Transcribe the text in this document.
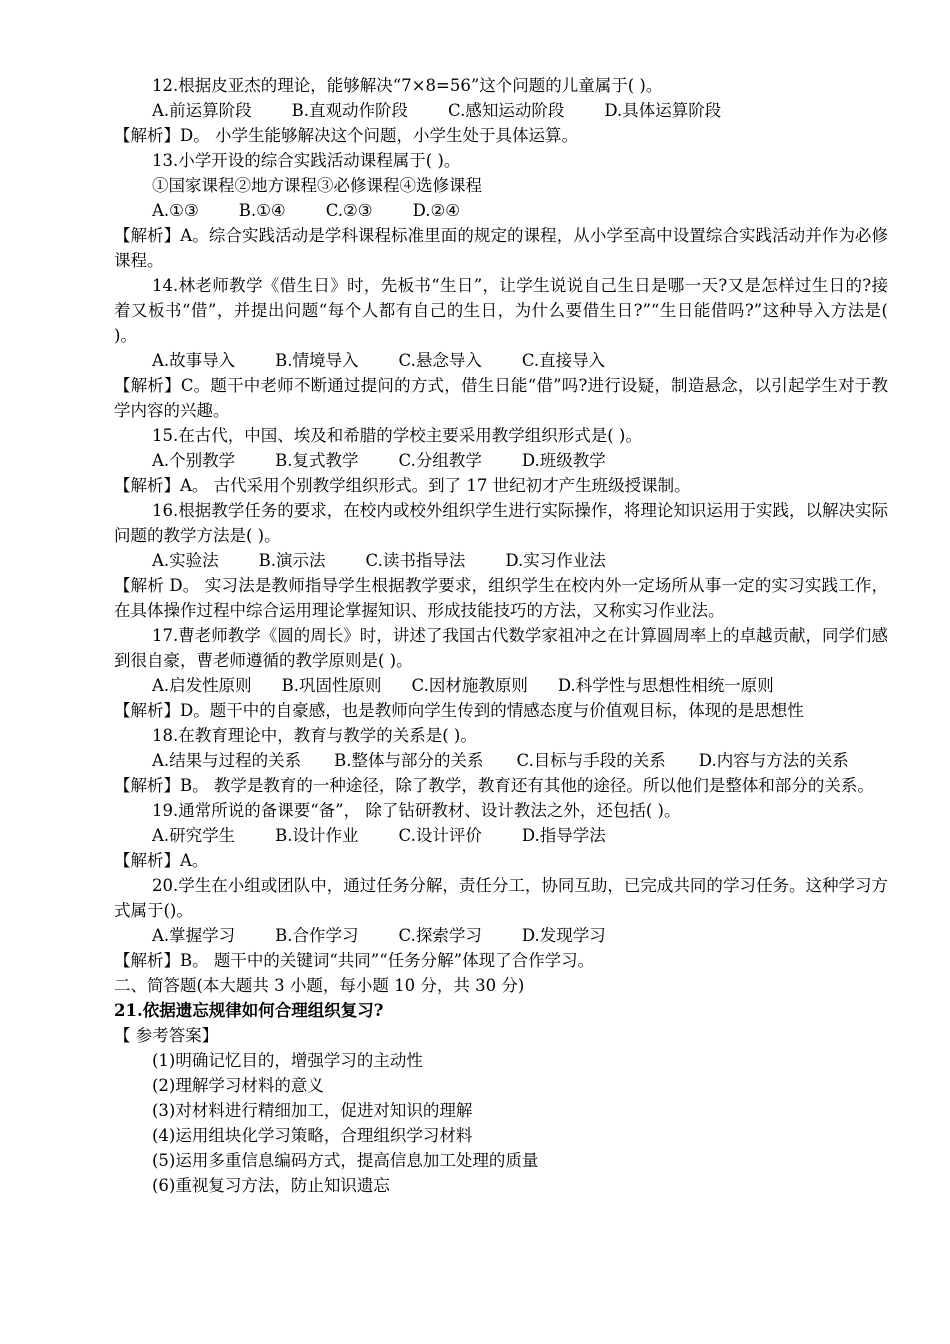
12.根据皮亚杰的理论，能够解决“7×8=56”这个问题的儿童属于( )。
A.前运算阶段 B.直观动作阶段 C.感知运动阶段 D.具体运算阶段
【解析】D。 小学生能够解决这个问题，小学生处于具体运算。
13.小学开设的综合实践活动课程属于( )。
①国家课程②地方课程③必修课程④选修课程
A.①③ B.①④ C.②③ D.②④
【解析】A。综合实践活动是学科课程标准里面的规定的课程，从小学至高中设置综合实践活动并作为必修课程。
14.林老师教学《借生日》时，先板书“生日”，让学生说说自己生日是哪一天?又是怎样过生日的?接着又板书“借”，并提出问题“每个人都有自己的生日，为什么要借生日?”“生日能借吗?”这种导入方法是( )。
A.故事导入 B.情境导入 C.悬念导入 C.直接导入
【解析】C。题干中老师不断通过提问的方式，借生日能“借”吗?进行设疑，制造悬念，以引起学生对于教学内容的兴趣。
15.在古代，中国、埃及和希腊的学校主要采用教学组织形式是( )。
A.个别教学 B.复式教学 C.分组教学 D.班级教学
【解析】A。 古代采用个别教学组织形式。到了 17 世纪初才产生班级授课制。
16.根据教学任务的要求，在校内或校外组织学生进行实际操作，将理论知识运用于实践，以解决实际问题的教学方法是( )。
A.实验法 B.演示法 C.读书指导法 D.实习作业法
【解析 D。 实习法是教师指导学生根据教学要求，组织学生在校内外一定场所从事一定的实习实践工作，在具体操作过程中综合运用理论掌握知识、形成技能技巧的方法，又称实习作业法。
17.曹老师教学《圆的周长》时，讲述了我国古代数学家祖冲之在计算圆周率上的卓越贡献，同学们感到很自豪，曹老师遵循的教学原则是( )。
A.启发性原则 B.巩固性原则 C.因材施教原则 D.科学性与思想性相统一原则
【解析】D。题干中的自豪感，也是教师向学生传到的情感态度与价值观目标，体现的是思想性
18.在教育理论中，教育与教学的关系是( )。
A.结果与过程的关系　　B.整体与部分的关系　　C.目标与手段的关系　　D.内容与方法的关系
【解析】B。 教学是教育的一种途径，除了教学，教育还有其他的途径。所以他们是整体和部分的关系。
19.通常所说的备课要“备”， 除了钻研教材、设计教法之外，还包括( )。
A.研究学生 B.设计作业 C.设计评价 D.指导学法
【解析】A。
20.学生在小组或团队中，通过任务分解，责任分工，协同互助，已完成共同的学习任务。这种学习方式属于()。
A.掌握学习 B.合作学习 C.探索学习 D.发现学习
【解析】B。 题干中的关键词“共同”“任务分解”体现了合作学习。
二、简答题(本大题共 3 小题，每小题 10 分，共 30 分)
21.依据遗忘规律如何合理组织复习?
【 参考答案】
(1)明确记忆目的，增强学习的主动性
(2)理解学习材料的意义
(3)对材料进行精细加工，促进对知识的理解
(4)运用组块化学习策略，合理组织学习材料
(5)运用多重信息编码方式，提高信息加工处理的质量
(6)重视复习方法，防止知识遗忘
